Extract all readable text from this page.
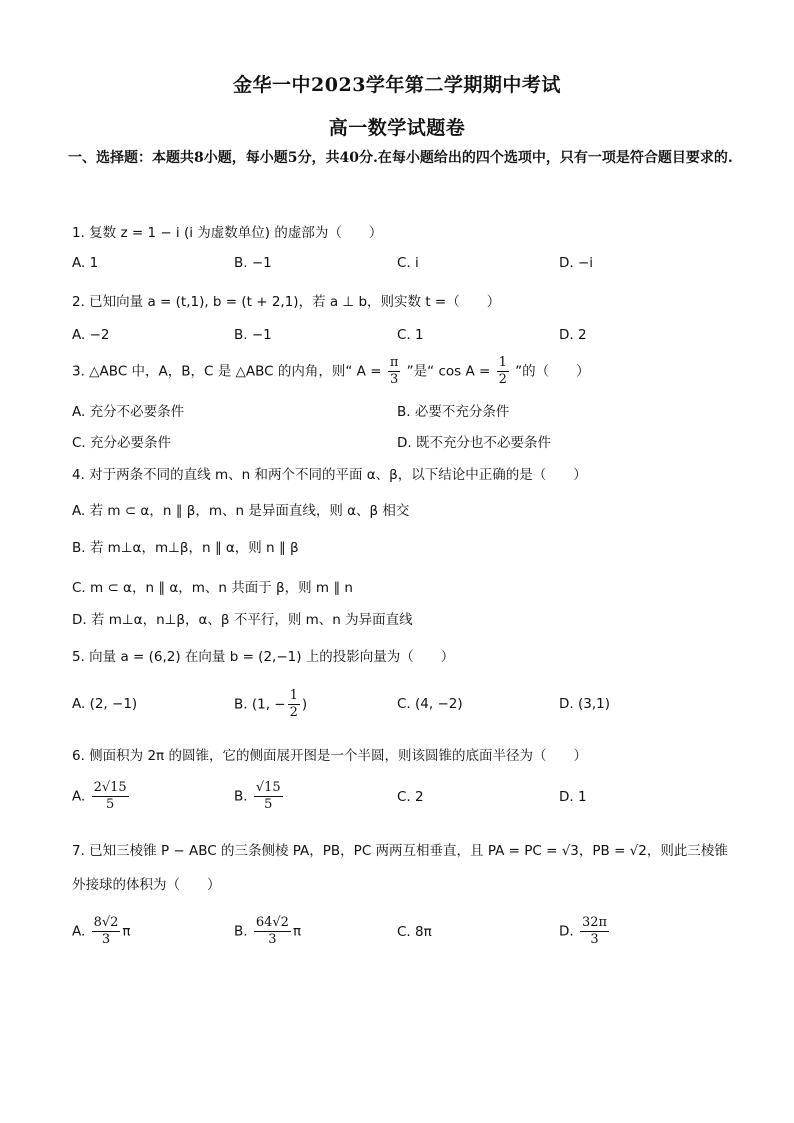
金华一中2023学年第二学期期中考试
高一数学试题卷
一、选择题：本题共8小题，每小题5分，共40分.在每小题给出的四个选项中，只有一项是符合题目要求的.
1. 复数 z = 1 − i (i 为虚数单位) 的虚部为（　　）
A. 1	B. −1	C. i	D. −i
2. 已知向量 a = (t,1), b = (t + 2,1)，若 a ⊥ b，则实数 t =（　　）
A. −2	B. −1	C. 1	D. 2
3. △ABC 中，A，B，C 是 △ABC 的内角，则“ $A = \frac{\pi}{3}$ ”是“ $\cos A = \frac{1}{2}$ ”的（　　）
A. 充分不必要条件	B. 必要不充分条件
C. 充分必要条件	D. 既不充分也不必要条件
4. 对于两条不同的直线 m、n 和两个不同的平面 α、β，以下结论中正确的是（　　）
A. 若 m ⊂ α，n ∥ β，m、n 是异面直线，则 α、β 相交
B. 若 m⊥α，m⊥β，n ∥ α，则 n ∥ β
C. m ⊂ α，n ∥ α，m、n 共面于 β，则 m ∥ n
D. 若 m⊥α，n⊥β，α、β 不平行，则 m、n 为异面直线
5. 向量 a = (6,2) 在向量 b = (2,−1) 上的投影向量为（　　）
A. (2, −1)	B. (1, − $\frac{1}{2}$ )	C. (4, −2)	D. (3,1)
6. 侧面积为 2π 的圆锥，它的侧面展开图是一个半圆，则该圆锥的底面半径为（　　）
A. $\frac{2√15}{5}$	B. $\frac{√15}{5}$	C. 2	D. 1
7. 已知三棱锥 P − ABC 的三条侧棱 PA，PB，PC 两两互相垂直，且 PA = PC = √3，PB = √2，则此三棱锥外接球的体积为（　　）
A. $\frac{8√2}{3}$ π	B. $\frac{64√2}{3}$ π	C. 8π	D. $\frac{32\pi}{3}$
